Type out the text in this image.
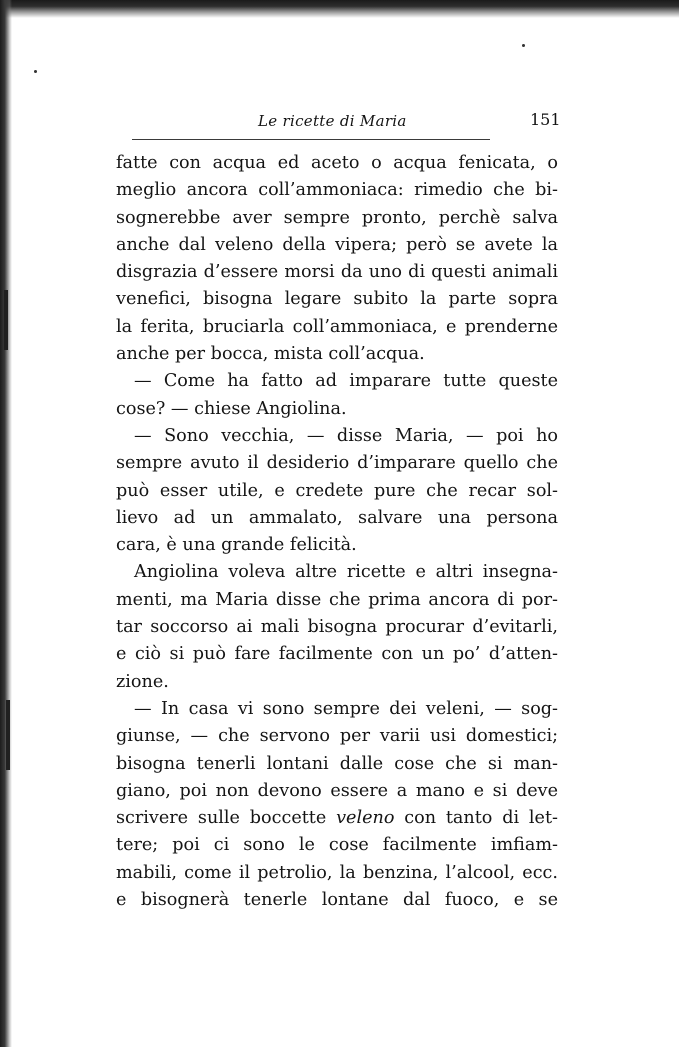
Le ricette di Maria	151
fatte con acqua ed aceto o acqua fenicata, o
meglio ancora coll’ammoniaca: rimedio che bi-
sognerebbe aver sempre pronto, perchè salva
anche dal veleno della vipera; però se avete la
disgrazia d’essere morsi da uno di questi animali
venefici, bisogna legare subito la parte sopra
la ferita, bruciarla coll’ammoniaca, e prenderne
anche per bocca, mista coll’acqua.
— Come ha fatto ad imparare tutte queste
cose? — chiese Angiolina.
— Sono vecchia, — disse Maria, — poi ho
sempre avuto il desiderio d’imparare quello che
può esser utile, e credete pure che recar sol-
lievo ad un ammalato, salvare una persona
cara, è una grande felicità.
Angiolina voleva altre ricette e altri insegna-
menti, ma Maria disse che prima ancora di por-
tar soccorso ai mali bisogna procurar d’evitarli,
e ciò si può fare facilmente con un po’ d’atten-
zione.
— In casa vi sono sempre dei veleni, — sog-
giunse, — che servono per varii usi domestici;
bisogna tenerli lontani dalle cose che si man-
giano, poi non devono essere a mano e si deve
scrivere sulle boccette veleno con tanto di let-
tere; poi ci sono le cose facilmente imfiam-
mabili, come il petrolio, la benzina, l’alcool, ecc.
e bisognerà tenerle lontane dal fuoco, e se
